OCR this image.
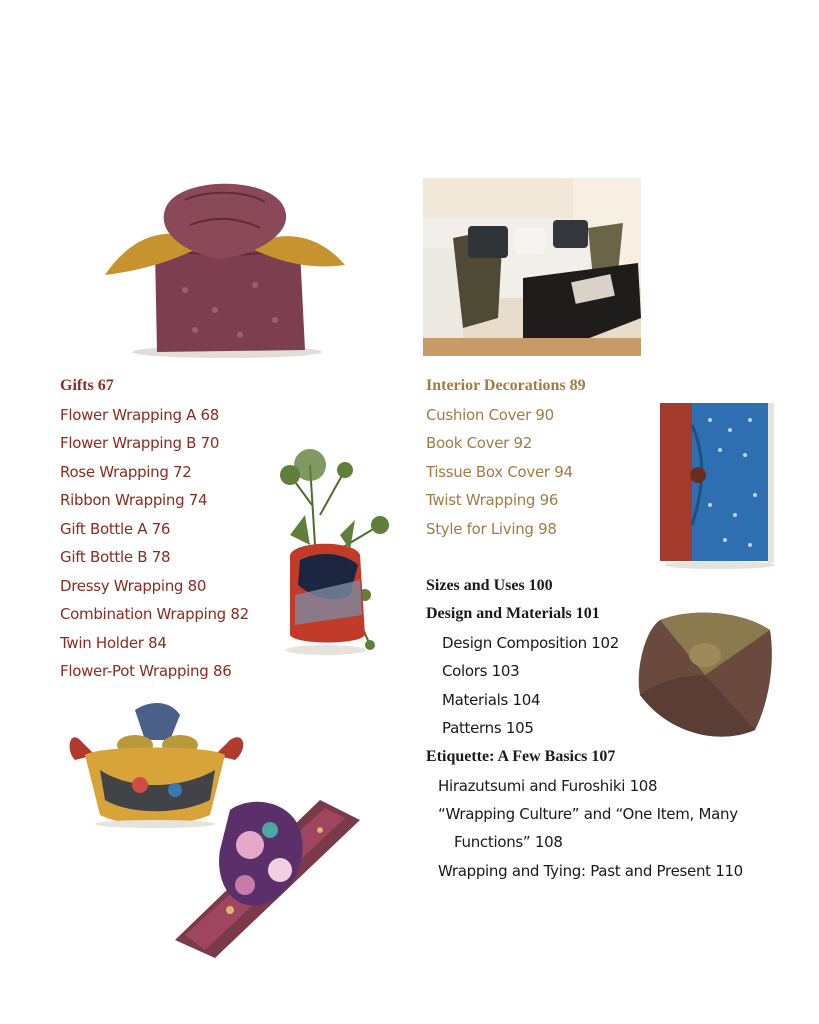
Gifts 67
Flower Wrapping A 68
Flower Wrapping B 70
Rose Wrapping 72
Ribbon Wrapping 74
Gift Bottle A 76
Gift Bottle B 78
Dressy Wrapping 80
Combination Wrapping 82
Twin Holder 84
Flower-Pot Wrapping 86
Interior Decorations 89
Cushion Cover 90
Book Cover 92
Tissue Box Cover 94
Twist Wrapping 96
Style for Living 98
Sizes and Uses 100
Design and Materials 101
Design Composition 102
Colors 103
Materials 104
Patterns 105
Etiquette: A Few Basics 107
Hirazutsumi and Furoshiki 108
“Wrapping Culture” and “One Item, Many
Functions” 108
Wrapping and Tying: Past and Present 110
